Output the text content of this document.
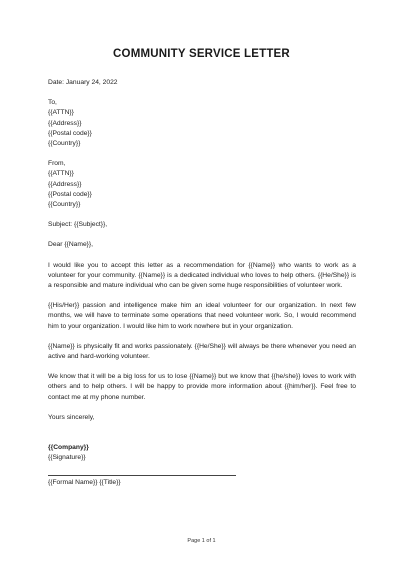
COMMUNITY SERVICE LETTER
Date: January 24, 2022
To,
{{ATTN}}
{{Address}}
{{Postal code}}
{{Country}}
From,
{{ATTN}}
{{Address}}
{{Postal code}}
{{Country}}
Subject: {{Subject}},
Dear {{Name}},
I would like you to accept this letter as a recommendation for {{Name}} who wants to work as a volunteer for your community. {{Name}} is a dedicated individual who loves to help others. {{He/She}} is a responsible and mature individual who can be given some huge responsibilities of volunteer work.
{{His/Her}} passion and intelligence make him an ideal volunteer for our organization. In next few months, we will have to terminate some operations that need volunteer work. So, I would recommend him to your organization. I would like him to work nowhere but in your organization.
{{Name}} is physically fit and works passionately. {{He/She}} will always be there whenever you need an active and hard-working volunteer.
We know that it will be a big loss for us to lose {{Name}} but we know that {{he/she}} loves to work with others and to help others. I will be happy to provide more information about {{him/her}}. Feel free to contact me at my phone number.
Yours sincerely,
{{Company}}
{{Signature}}
{{Formal Name}} {{Title}}
Page 1 of 1
